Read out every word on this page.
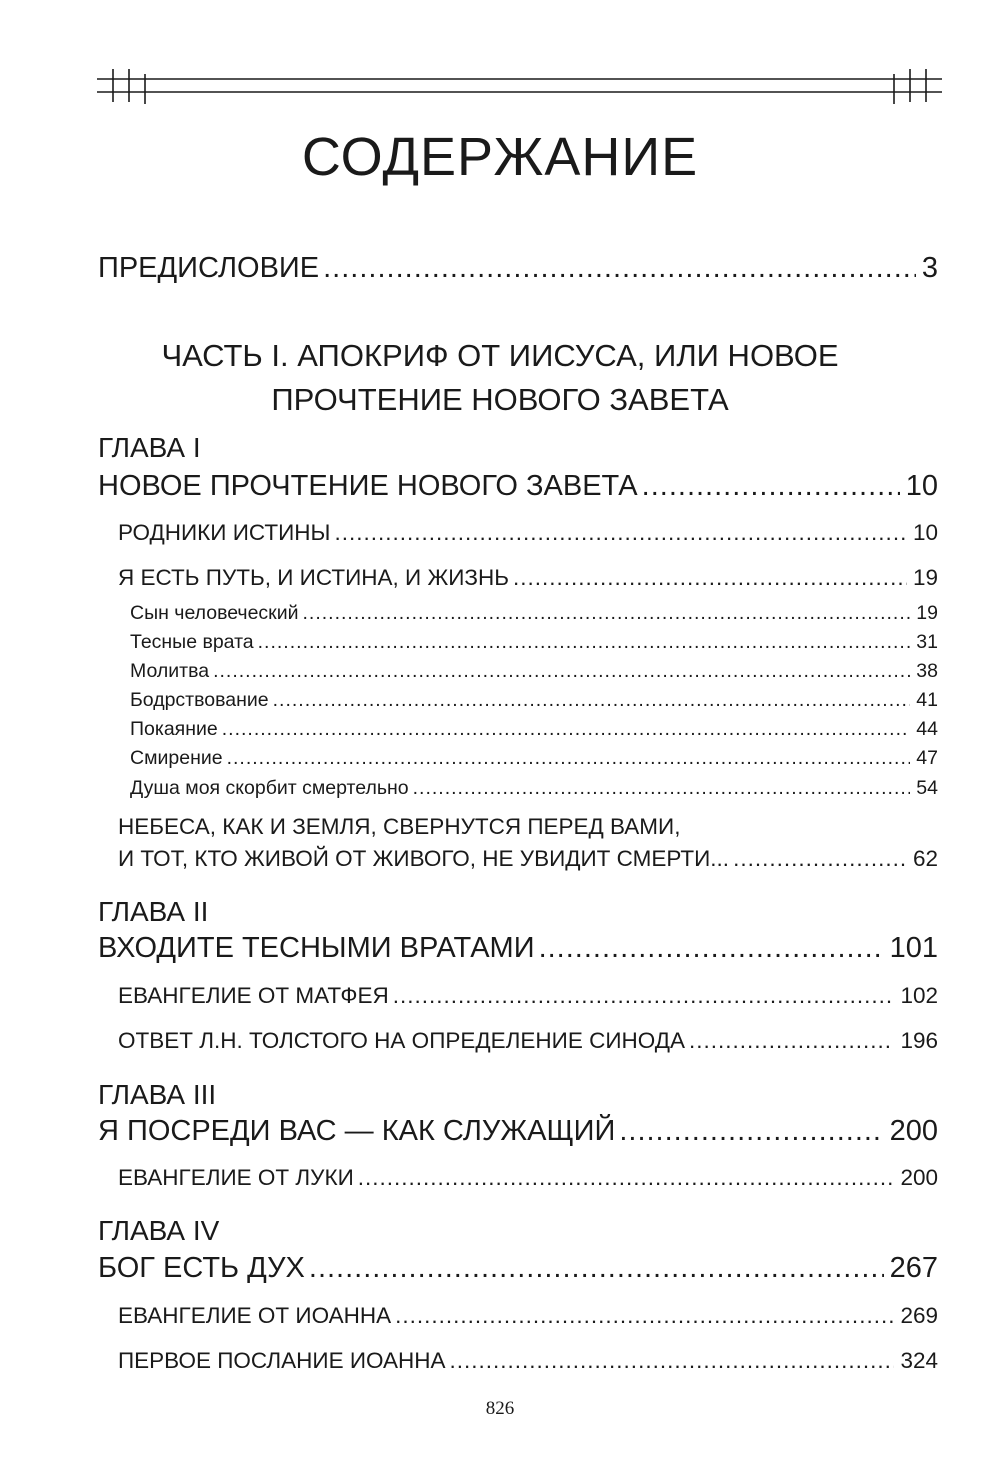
СОДЕРЖАНИЕ
ПРЕДИСЛОВИЕ .....	3
ЧАСТЬ I. АПОКРИФ ОТ ИИСУСА, ИЛИ НОВОЕ
ПРОЧТЕНИЕ НОВОГО ЗАВЕТА
ГЛАВА I
НОВОЕ ПРОЧТЕНИЕ НОВОГО ЗАВЕТА .....	10
РОДНИКИ ИСТИНЫ .....	10
Я ЕСТЬ ПУТЬ, И ИСТИНА, И ЖИЗНЬ .....	19
Сын человеческий .....	19
Тесные врата .....	31
Молитва .....	38
Бодрствование .....	41
Покаяние .....	44
Смирение .....	47
Душа моя скорбит смертельно .....	54
НЕБЕСА, КАК И ЗЕМЛЯ, СВЕРНУТСЯ ПЕРЕД ВАМИ,
И ТОТ, КТО ЖИВОЙ ОТ ЖИВОГО, НЕ УВИДИТ СМЕРТИ... .....	62
ГЛАВА II
ВХОДИТЕ ТЕСНЫМИ ВРАТАМИ .....	101
ЕВАНГЕЛИЕ ОТ МАТФЕЯ .....	102
ОТВЕТ Л.Н. ТОЛСТОГО НА ОПРЕДЕЛЕНИЕ СИНОДА .....	196
ГЛАВА III
Я ПОСРЕДИ ВАС — КАК СЛУЖАЩИЙ .....	200
ЕВАНГЕЛИЕ ОТ ЛУКИ .....	200
ГЛАВА IV
БОГ ЕСТЬ ДУХ .....	267
ЕВАНГЕЛИЕ ОТ ИОАННА .....	269
ПЕРВОЕ ПОСЛАНИЕ ИОАННА .....	324
826
